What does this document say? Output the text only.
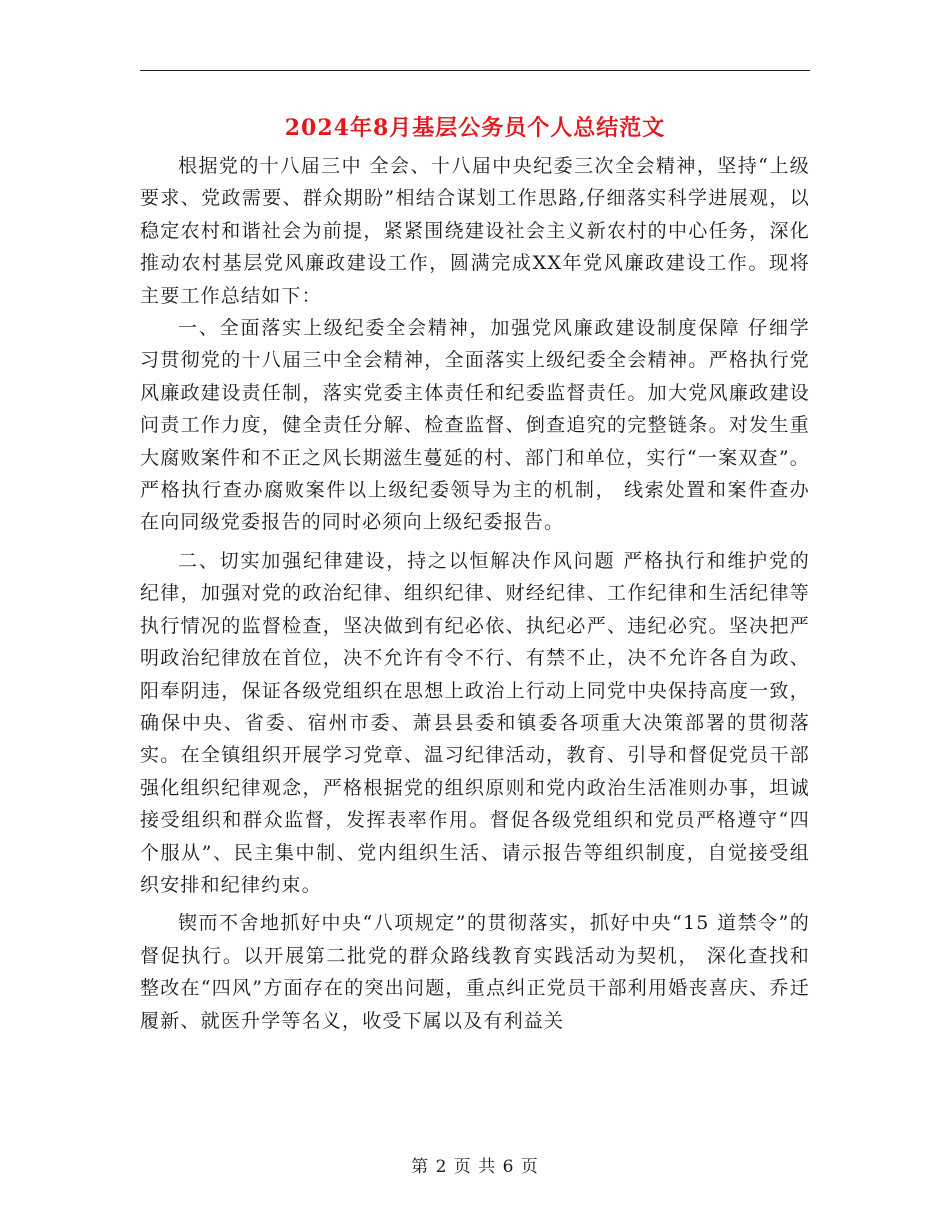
2024年8月基层公务员个人总结范文

根据党的十八届三中 全会、十八届中央纪委三次全会精神，坚持“上级要求、党政需要、群众期盼”相结合谋划工作思路,仔细落实科学进展观，以稳定农村和谐社会为前提，紧紧围绕建设社会主义新农村的中心任务，深化推动农村基层党风廉政建设工作，圆满完成XX年党风廉政建设工作。现将主要工作总结如下：

一、全面落实上级纪委全会精神，加强党风廉政建设制度保障 仔细学习贯彻党的十八届三中全会精神，全面落实上级纪委全会精神。严格执行党风廉政建设责任制，落实党委主体责任和纪委监督责任。加大党风廉政建设问责工作力度，健全责任分解、检查监督、倒查追究的完整链条。对发生重大腐败案件和不正之风长期滋生蔓延的村、部门和单位，实行“一案双查”。严格执行查办腐败案件以上级纪委领导为主的机制， 线索处置和案件查办在向同级党委报告的同时必须向上级纪委报告。

二、切实加强纪律建设，持之以恒解决作风问题 严格执行和维护党的纪律，加强对党的政治纪律、组织纪律、财经纪律、工作纪律和生活纪律等执行情况的监督检查，坚决做到有纪必依、执纪必严、违纪必究。坚决把严明政治纪律放在首位，决不允许有令不行、有禁不止，决不允许各自为政、阳奉阴违，保证各级党组织在思想上政治上行动上同党中央保持高度一致，确保中央、省委、宿州市委、萧县县委和镇委各项重大决策部署的贯彻落实。在全镇组织开展学习党章、温习纪律活动，教育、引导和督促党员干部强化组织纪律观念，严格根据党的组织原则和党内政治生活准则办事，坦诚接受组织和群众监督，发挥表率作用。督促各级党组织和党员严格遵守“四个服从”、民主集中制、党内组织生活、请示报告等组织制度，自觉接受组织安排和纪律约束。

锲而不舍地抓好中央“八项规定”的贯彻落实，抓好中央“15 道禁令”的督促执行。以开展第二批党的群众路线教育实践活动为契机， 深化查找和整改在“四风”方面存在的突出问题，重点纠正党员干部利用婚丧喜庆、乔迁履新、就医升学等名义，收受下属以及有利益关

第 2 页 共 6 页
